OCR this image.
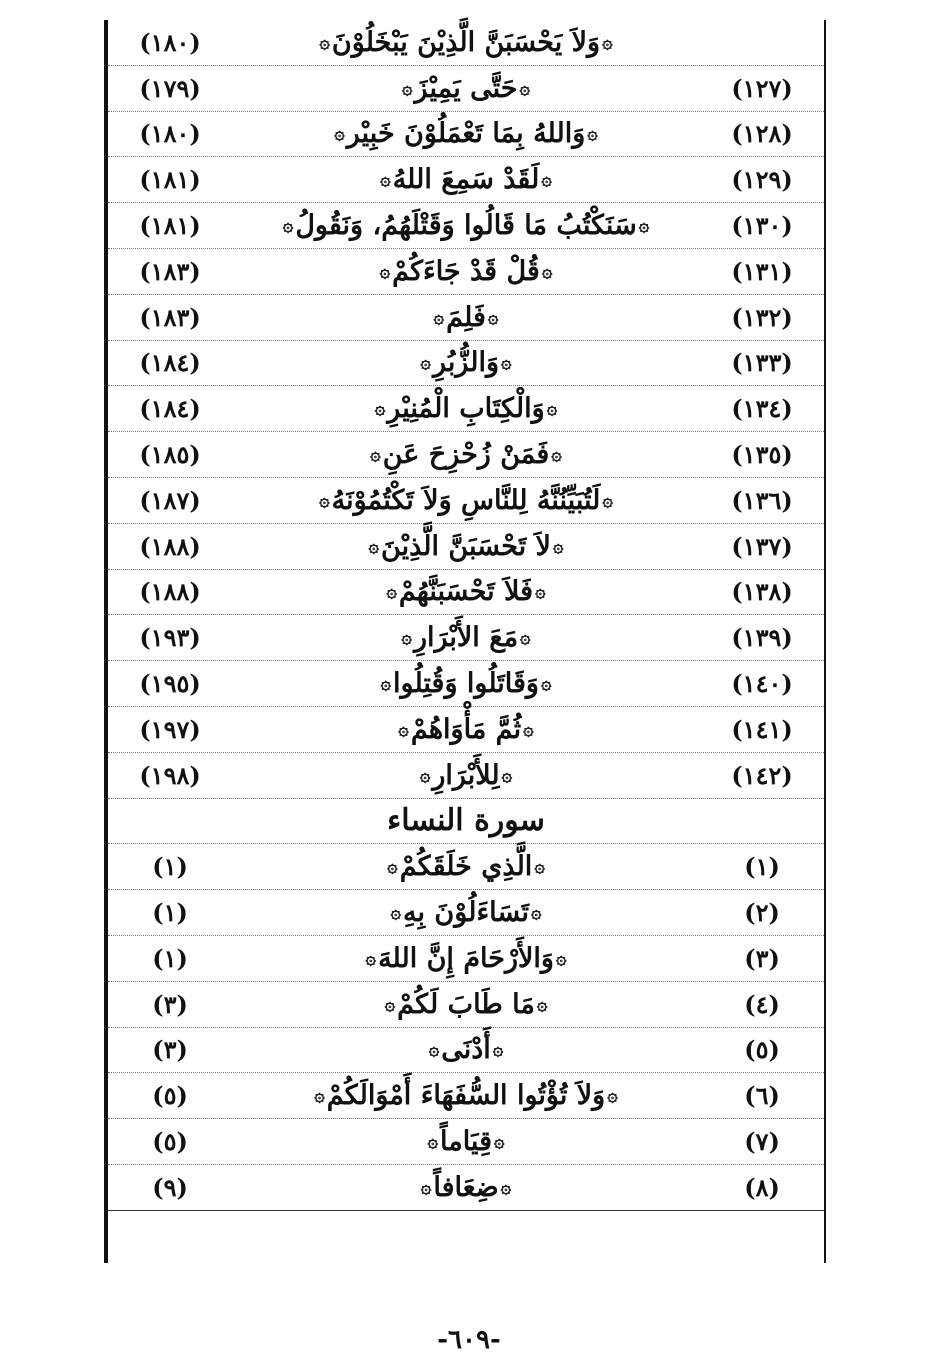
۞
وَلاَ يَحْسَبَنَّ الَّذِيْنَ يَبْخَلُوْنَ
۞
(١٨٠)
(١٢٧)
۞
حَتَّى يَمِيْزَ
۞
(١٧٩)
(١٢٨)
۞
وَاللهُ بِمَا تَعْمَلُوْنَ خَبِيْر
۞
(١٨٠)
(١٢٩)
۞
لَقَدْ سَمِعَ اللهُ
۞
(١٨١)
(١٣٠)
۞
سَنَكْتُبُ مَا قَالُوا وَقَتْلَهُمُ، وَنَقُولُ
۞
(١٨١)
(١٣١)
۞
قُلْ قَدْ جَاءَكُمْ
۞
(١٨٣)
(١٣٢)
۞
فَلِمَ
۞
(١٨٣)
(١٣٣)
۞
وَالزُّبُرِ
۞
(١٨٤)
(١٣٤)
۞
وَالْكِتَابِ الْمُنِيْرِ
۞
(١٨٤)
(١٣٥)
۞
فَمَنْ زُحْزِحَ عَنِ
۞
(١٨٥)
(١٣٦)
۞
لَتُبَيِّنُنَّهُ لِلنَّاسِ وَلاَ تَكْتُمُوْنَهُ
۞
(١٨٧)
(١٣٧)
۞
لاَ تَحْسَبَنَّ الَّذِيْنَ
۞
(١٨٨)
(١٣٨)
۞
فَلاَ تَحْسَبَنَّهُمْ
۞
(١٨٨)
(١٣٩)
۞
مَعَ الأَبْرَارِ
۞
(١٩٣)
(١٤٠)
۞
وَقَاتَلُوا وَقُتِلُوا
۞
(١٩٥)
(١٤١)
۞
ثُمَّ مَأْوَاهُمْ
۞
(١٩٧)
(١٤٢)
۞
لِلأَبْرَارِ
۞
(١٩٨)
سورة النساء
(١)
۞
الَّذِي خَلَقَكُمْ
۞
(١)
(٢)
۞
تَسَاءَلُوْنَ بِهِ
۞
(١)
(٣)
۞
وَالأَرْحَامَ إِنَّ اللهَ
۞
(١)
(٤)
۞
مَا طَابَ لَكُمْ
۞
(٣)
(٥)
۞
أَدْنَى
۞
(٣)
(٦)
۞
وَلاَ تُؤْتُوا السُّفَهَاءَ أَمْوَالَكُمْ
۞
(٥)
(٧)
۞
قِيَاماً
۞
(٥)
(٨)
۞
ضِعَافاً
۞
(٩)
-٦٠٩-
